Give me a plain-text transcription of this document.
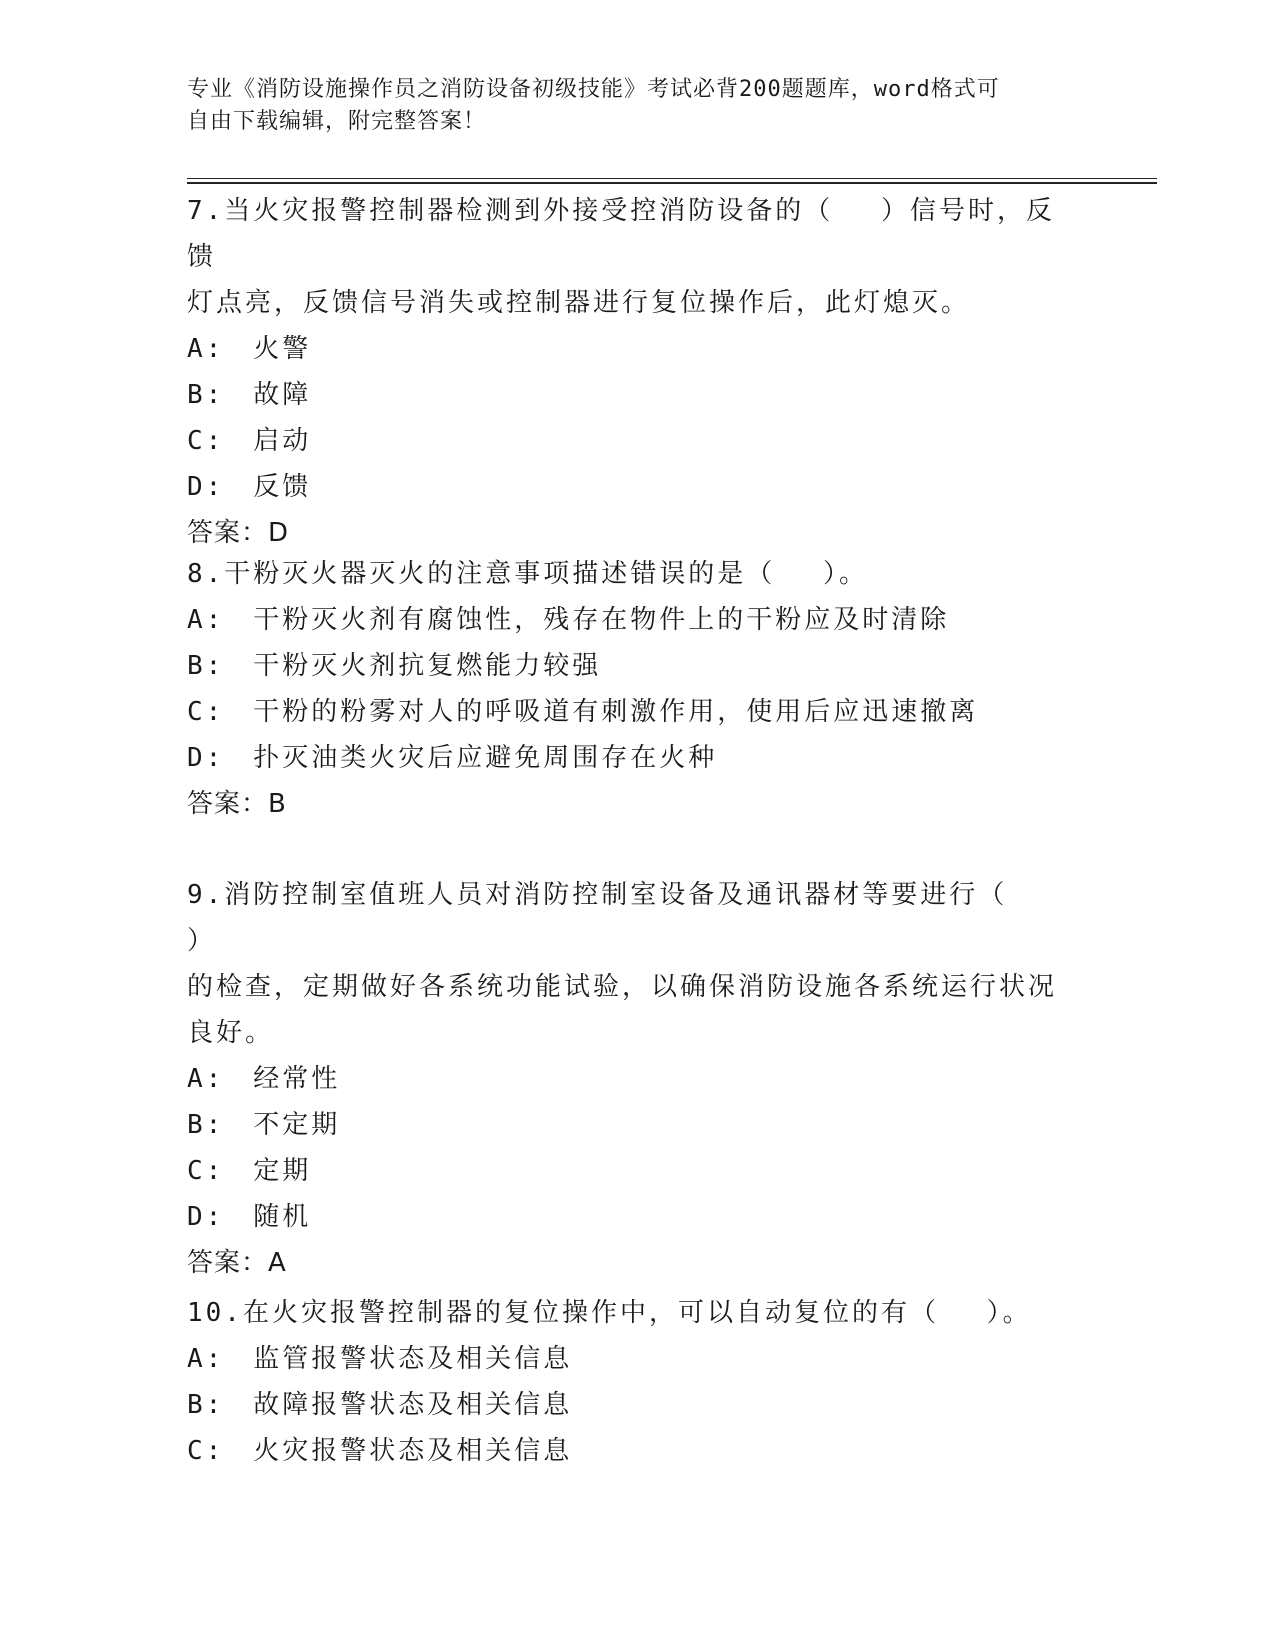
专业《消防设施操作员之消防设备初级技能》考试必背200题题库，word格式可
自由下载编辑，附完整答案！
7.当火灾报警控制器检测到外接受控消防设备的（　 ）信号时，反馈
灯点亮，反馈信号消失或控制器进行复位操作后，此灯熄灭。
A:　火警
B:　故障
C:　启动
D:　反馈
答案：D
8.干粉灭火器灭火的注意事项描述错误的是（　 ）。
A:　干粉灭火剂有腐蚀性，残存在物件上的干粉应及时清除
B:　干粉灭火剂抗复燃能力较强
C:　干粉的粉雾对人的呼吸道有刺激作用，使用后应迅速撤离
D:　扑灭油类火灾后应避免周围存在火种
答案：B
9.消防控制室值班人员对消防控制室设备及通讯器材等要进行（　 ）
的检查，定期做好各系统功能试验，以确保消防设施各系统运行状况
良好。
A:　经常性
B:　不定期
C:　定期
D:　随机
答案：A
10.在火灾报警控制器的复位操作中，可以自动复位的有（　 ）。
A:　监管报警状态及相关信息
B:　故障报警状态及相关信息
C:　火灾报警状态及相关信息
